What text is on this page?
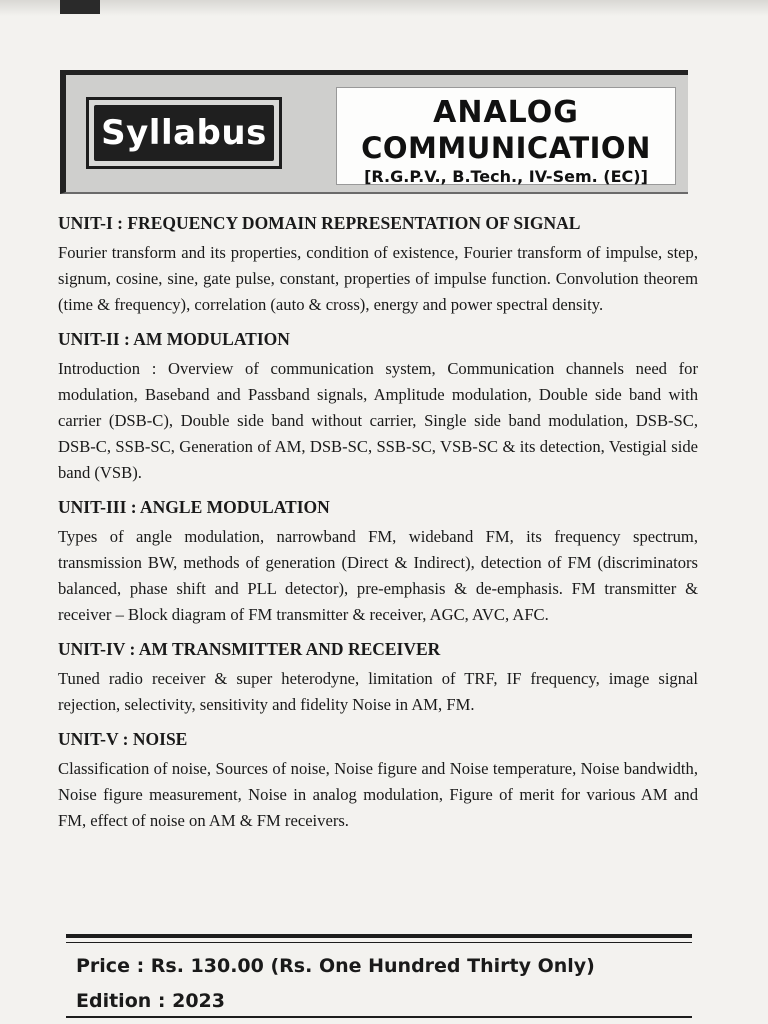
Syllabus
ANALOG
COMMUNICATION
[R.G.P.V., B.Tech., IV-Sem. (EC)]

UNIT-I : FREQUENCY DOMAIN REPRESENTATION OF SIGNAL

Fourier transform and its properties, condition of existence, Fourier transform of impulse, step, signum, cosine, sine, gate pulse, constant, properties of impulse function. Convolution theorem (time & frequency), correlation (auto & cross), energy and power spectral density.

UNIT-II : AM MODULATION

Introduction : Overview of communication system, Communication channels need for modulation, Baseband and Passband signals, Amplitude modulation, Double side band with carrier (DSB-C), Double side band without carrier, Single side band modulation, DSB-SC, DSB-C, SSB-SC, Generation of AM, DSB-SC, SSB-SC, VSB-SC & its detection, Vestigial side band (VSB).

UNIT-III : ANGLE MODULATION

Types of angle modulation, narrowband FM, wideband FM, its frequency spectrum, transmission BW, methods of generation (Direct & Indirect), detection of FM (discriminators balanced, phase shift and PLL detector), pre-emphasis & de-emphasis. FM transmitter & receiver – Block diagram of FM transmitter & receiver, AGC, AVC, AFC.

UNIT-IV : AM TRANSMITTER AND RECEIVER

Tuned radio receiver & super heterodyne, limitation of TRF, IF frequency, image signal rejection, selectivity, sensitivity and fidelity Noise in AM, FM.

UNIT-V : NOISE

Classification of noise, Sources of noise, Noise figure and Noise temperature, Noise bandwidth, Noise figure measurement, Noise in analog modulation, Figure of merit for various AM and FM, effect of noise on AM & FM receivers.

Price : Rs. 130.00 (Rs. One Hundred Thirty Only)
Edition : 2023
